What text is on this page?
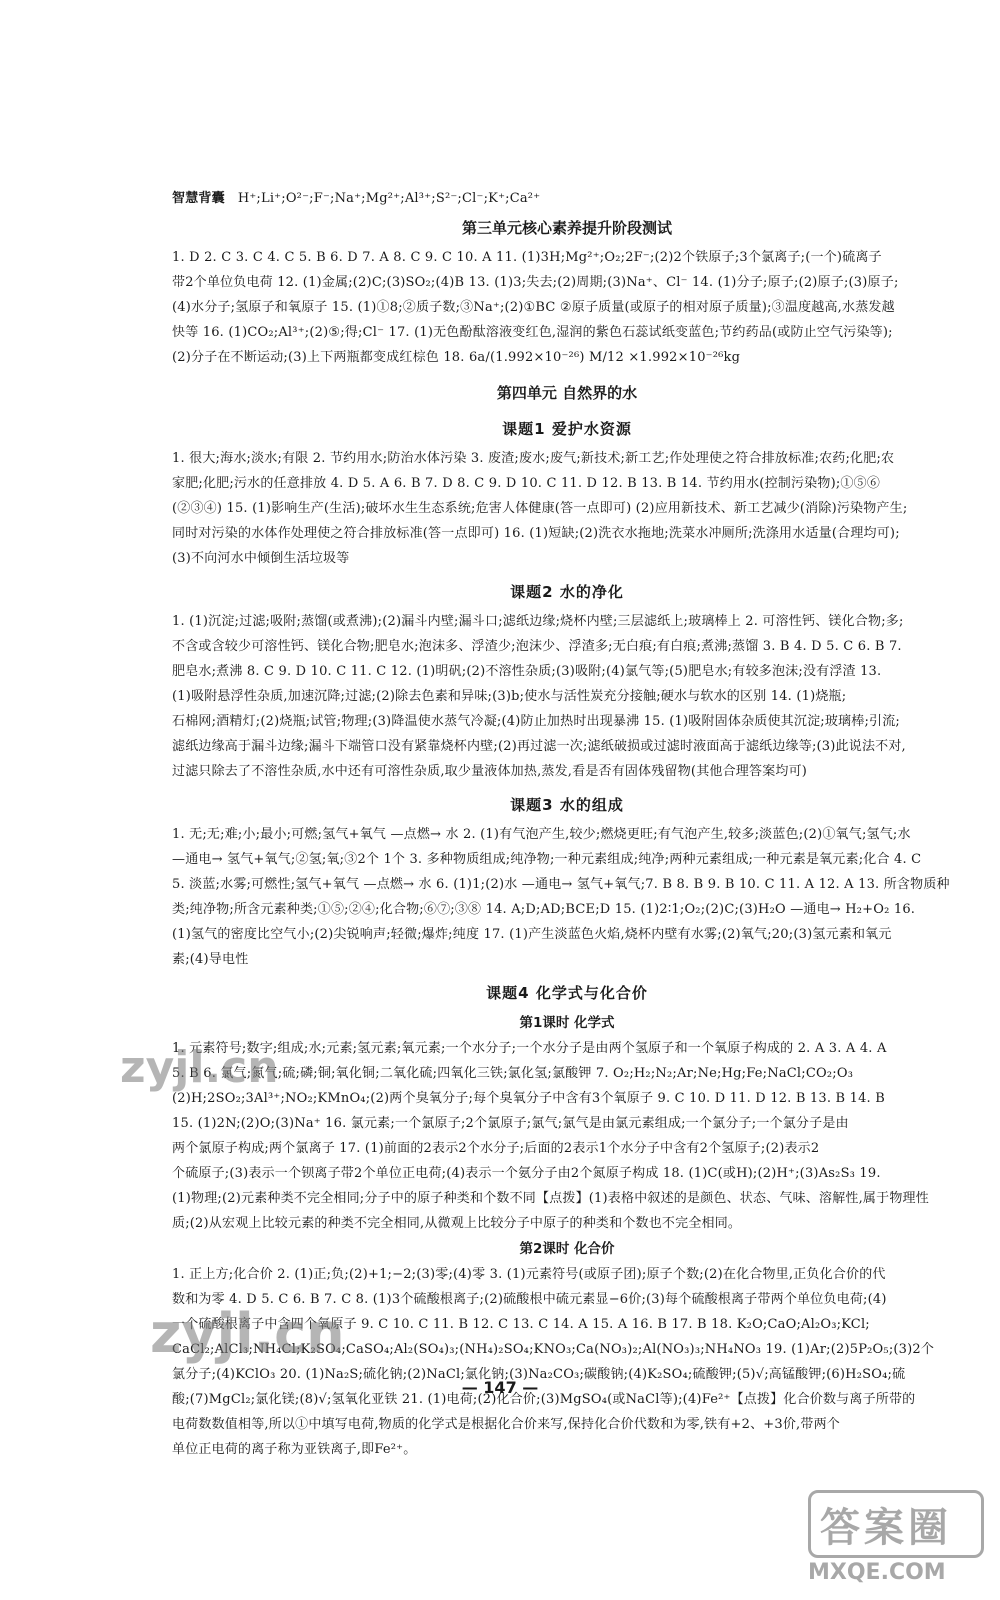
智慧背囊 H⁺;Li⁺;O²⁻;F⁻;Na⁺;Mg²⁺;Al³⁺;S²⁻;Cl⁻;K⁺;Ca²⁺
第三单元核心素养提升阶段测试
1. D 2. C 3. C 4. C 5. B 6. D 7. A 8. C 9. C 10. A 11. (1)3H;Mg²⁺;O₂;2F⁻;(2)2个铁原子;3个氯离子;(一个)硫离子
带2个单位负电荷 12. (1)金属;(2)C;(3)SO₂;(4)B 13. (1)3;失去;(2)周期;(3)Na⁺、Cl⁻ 14. (1)分子;原子;(2)原子;(3)原子;
(4)水分子;氢原子和氧原子 15. (1)①8;②质子数;③Na⁺;(2)①BC ②原子质量(或原子的相对原子质量);③温度越高,水蒸发越
快等 16. (1)CO₂;Al³⁺;(2)⑤;得;Cl⁻ 17. (1)无色酚酞溶液变红色,湿润的紫色石蕊试纸变蓝色;节约药品(或防止空气污染等);
(2)分子在不断运动;(3)上下两瓶都变成红棕色 18. 6a/(1.992×10⁻²⁶) M/12 ×1.992×10⁻²⁶kg
第四单元 自然界的水
课题1 爱护水资源
1. 很大;海水;淡水;有限 2. 节约用水;防治水体污染 3. 废渣;废水;废气;新技术;新工艺;作处理使之符合排放标准;农药;化肥;农
家肥;化肥;污水的任意排放 4. D 5. A 6. B 7. D 8. C 9. D 10. C 11. D 12. B 13. B 14. 节约用水(控制污染物);①⑤⑥
(②③④) 15. (1)影响生产(生活);破坏水生生态系统;危害人体健康(答一点即可) (2)应用新技术、新工艺减少(消除)污染物产生;
同时对污染的水体作处理使之符合排放标准(答一点即可) 16. (1)短缺;(2)洗衣水拖地;洗菜水冲厕所;洗涤用水适量(合理均可);
(3)不向河水中倾倒生活垃圾等
课题2 水的净化
1. (1)沉淀;过滤;吸附;蒸馏(或煮沸);(2)漏斗内壁;漏斗口;滤纸边缘;烧杯内壁;三层滤纸上;玻璃棒上 2. 可溶性钙、镁化合物;多;
不含或含较少可溶性钙、镁化合物;肥皂水;泡沫多、浮渣少;泡沫少、浮渣多;无白痕;有白痕;煮沸;蒸馏 3. B 4. D 5. C 6. B 7.
肥皂水;煮沸 8. C 9. D 10. C 11. C 12. (1)明矾;(2)不溶性杂质;(3)吸附;(4)氯气等;(5)肥皂水;有较多泡沫;没有浮渣 13.
(1)吸附悬浮性杂质,加速沉降;过滤;(2)除去色素和异味;(3)b;使水与活性炭充分接触;硬水与软水的区别 14. (1)烧瓶;
石棉网;酒精灯;(2)烧瓶;试管;物理;(3)降温使水蒸气冷凝;(4)防止加热时出现暴沸 15. (1)吸附固体杂质使其沉淀;玻璃棒;引流;
滤纸边缘高于漏斗边缘;漏斗下端管口没有紧靠烧杯内壁;(2)再过滤一次;滤纸破损或过滤时液面高于滤纸边缘等;(3)此说法不对,
过滤只除去了不溶性杂质,水中还有可溶性杂质,取少量液体加热,蒸发,看是否有固体残留物(其他合理答案均可)
课题3 水的组成
1. 无;无;难;小;最小;可燃;氢气+氧气 —点燃→ 水 2. (1)有气泡产生,较少;燃烧更旺;有气泡产生,较多;淡蓝色;(2)①氧气;氢气;水
—通电→ 氢气+氧气;②氢;氧;③2个 1个 3. 多种物质组成;纯净物;一种元素组成;纯净;两种元素组成;一种元素是氧元素;化合 4. C
5. 淡蓝;水雾;可燃性;氢气+氧气 —点燃→ 水 6. (1)1;(2)水 —通电→ 氢气+氧气;7. B 8. B 9. B 10. C 11. A 12. A 13. 所含物质种
类;纯净物;所含元素种类;①⑤;②④;化合物;⑥⑦;③⑧ 14. A;D;AD;BCE;D 15. (1)2∶1;O₂;(2)C;(3)H₂O —通电→ H₂+O₂ 16.
(1)氢气的密度比空气小;(2)尖锐响声;轻微;爆炸;纯度 17. (1)产生淡蓝色火焰,烧杯内壁有水雾;(2)氧气;20;(3)氢元素和氧元
素;(4)导电性
课题4 化学式与化合价
第1课时 化学式
1. 元素符号;数字;组成;水;元素;氢元素;氧元素;一个水分子;一个水分子是由两个氢原子和一个氧原子构成的 2. A 3. A 4. A
5. B 6. 氯气;氮气;硫;磷;铜;氧化铜;二氧化硫;四氧化三铁;氯化氢;氯酸钾 7. O₂;H₂;N₂;Ar;Ne;Hg;Fe;NaCl;CO₂;O₃
(2)H;2SO₂;3Al³⁺;NO₂;KMnO₄;(2)两个臭氧分子;每个臭氧分子中含有3个氧原子 9. C 10. D 11. D 12. B 13. B 14. B
15. (1)2N;(2)O;(3)Na⁺ 16. 氯元素;一个氯原子;2个氯原子;氯气;氯气是由氯元素组成;一个氯分子;一个氯分子是由
两个氯原子构成;两个氯离子 17. (1)前面的2表示2个水分子;后面的2表示1个水分子中含有2个氢原子;(2)表示2
个硫原子;(3)表示一个钡离子带2个单位正电荷;(4)表示一个氨分子由2个氮原子构成 18. (1)C(或H);(2)H⁺;(3)As₂S₃ 19.
(1)物理;(2)元素种类不完全相同;分子中的原子种类和个数不同【点拨】(1)表格中叙述的是颜色、状态、气味、溶解性,属于物理性
质;(2)从宏观上比较元素的种类不完全相同,从微观上比较分子中原子的种类和个数也不完全相同。
第2课时 化合价
1. 正上方;化合价 2. (1)正;负;(2)+1;−2;(3)零;(4)零 3. (1)元素符号(或原子团);原子个数;(2)在化合物里,正负化合价的代
数和为零 4. D 5. C 6. B 7. C 8. (1)3个硫酸根离子;(2)硫酸根中硫元素显−6价;(3)每个硫酸根离子带两个单位负电荷;(4)
一个硫酸根离子中含四个氧原子 9. C 10. C 11. B 12. C 13. C 14. A 15. A 16. B 17. B 18. K₂O;CaO;Al₂O₃;KCl;
CaCl₂;AlCl₃;NH₄Cl;K₂SO₄;CaSO₄;Al₂(SO₄)₃;(NH₄)₂SO₄;KNO₃;Ca(NO₃)₂;Al(NO₃)₃;NH₄NO₃ 19. (1)Ar;(2)5P₂O₅;(3)2个
氯分子;(4)KClO₃ 20. (1)Na₂S;硫化钠;(2)NaCl;氯化钠;(3)Na₂CO₃;碳酸钠;(4)K₂SO₄;硫酸钾;(5)√;高锰酸钾;(6)H₂SO₄;硫
酸;(7)MgCl₂;氯化镁;(8)√;氢氧化亚铁 21. (1)电荷;(2)化合价;(3)MgSO₄(或NaCl等);(4)Fe²⁺【点拨】化合价数与离子所带的
电荷数数值相等,所以①中填写电荷,物质的化学式是根据化合价来写,保持化合价代数和为零,铁有+2、+3价,带两个
单位正电荷的离子称为亚铁离子,即Fe²⁺。
— 147 —
zyjl.cn
zyjl.cn
答案圈
MXQE.COM
